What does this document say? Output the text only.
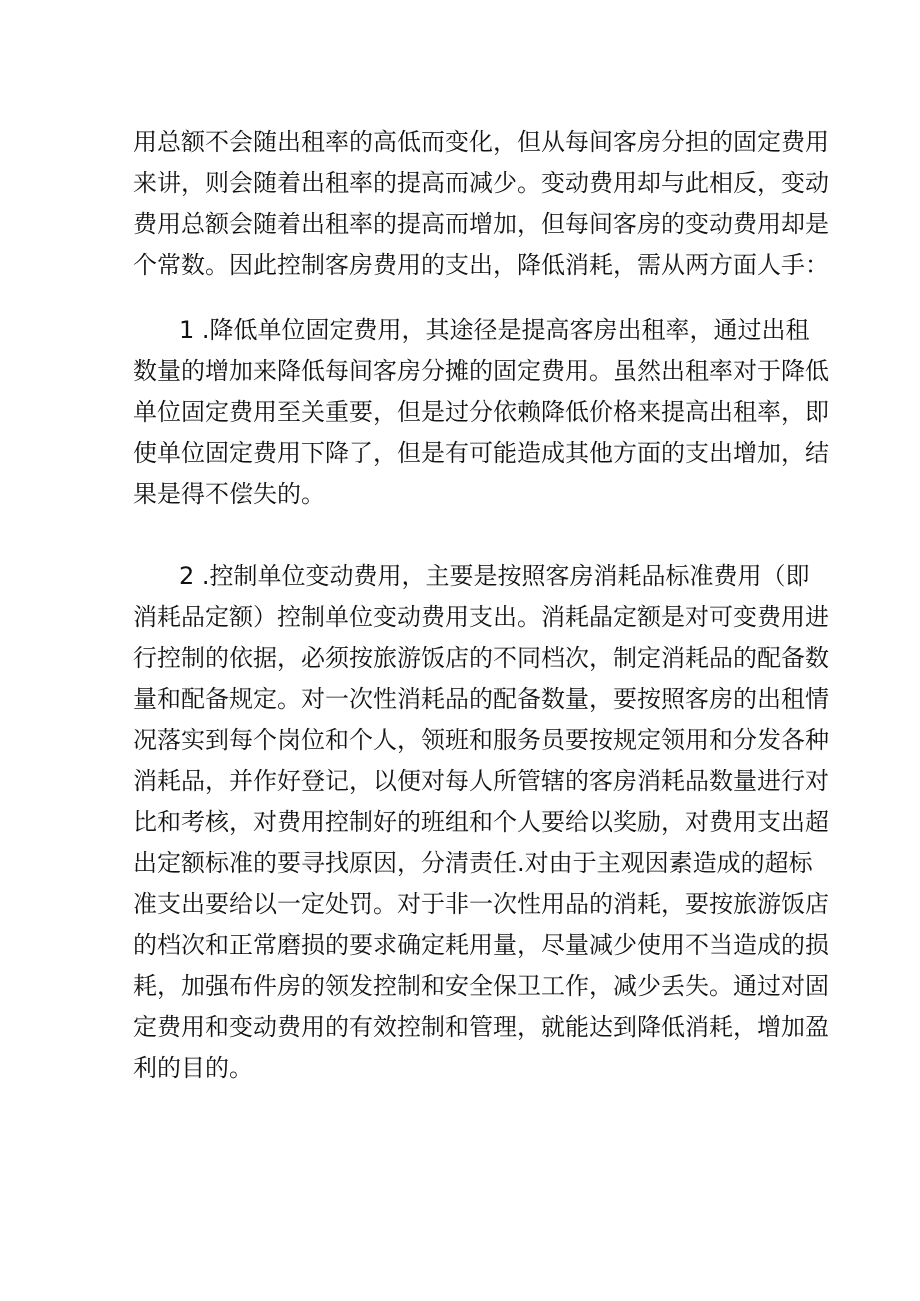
用总额不会随出租率的高低而变化，但从每间客房分担的固定费用
来讲，则会随着出租率的提高而减少。变动费用却与此相反，变动
费用总额会随着出租率的提高而增加，但每间客房的变动费用却是
个常数。因此控制客房费用的支出，降低消耗，需从两方面人手：
1 .降低单位固定费用，其途径是提高客房出租率，通过出租
数量的增加来降低每间客房分摊的固定费用。虽然出租率对于降低
单位固定费用至关重要，但是过分依赖降低价格来提高出租率，即
使单位固定费用下降了，但是有可能造成其他方面的支出增加，结
果是得不偿失的。
2 .控制单位变动费用，主要是按照客房消耗品标准费用（即
消耗品定额）控制单位变动费用支出。消耗晶定额是对可变费用进
行控制的依据，必须按旅游饭店的不同档次，制定消耗品的配备数
量和配备规定。对一次性消耗品的配备数量，要按照客房的出租情
况落实到每个岗位和个人，领班和服务员要按规定领用和分发各种
消耗品，并作好登记，以便对每人所管辖的客房消耗品数量进行对
比和考核，对费用控制好的班组和个人要给以奖励，对费用支出超
出定额标准的要寻找原因，分清责任.对由于主观因素造成的超标
准支出要给以一定处罚。对于非一次性用品的消耗，要按旅游饭店
的档次和正常磨损的要求确定耗用量，尽量减少使用不当造成的损
耗，加强布件房的领发控制和安全保卫工作，减少丢失。通过对固
定费用和变动费用的有效控制和管理，就能达到降低消耗，增加盈
利的目的。
